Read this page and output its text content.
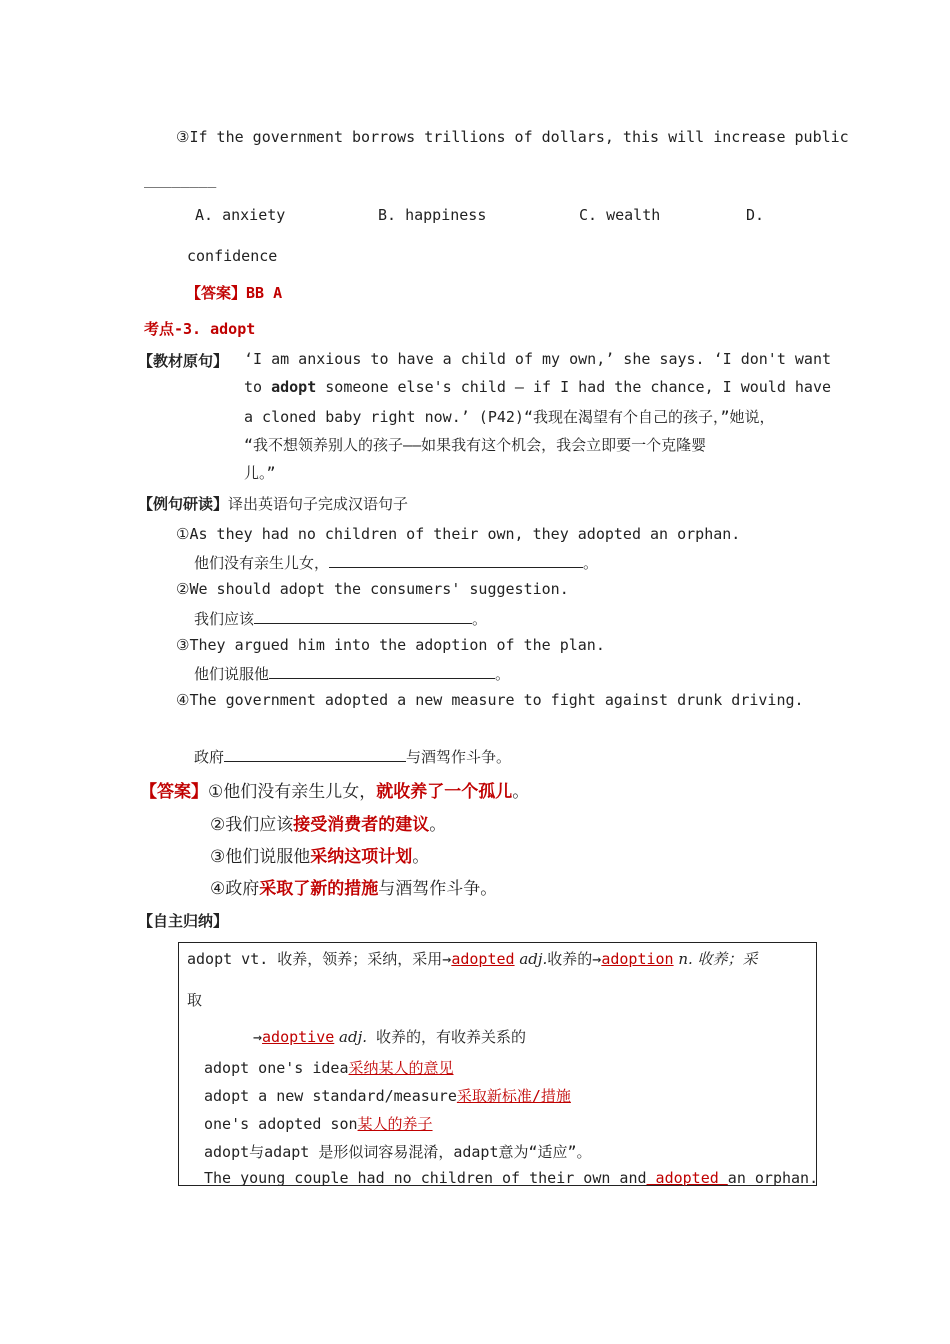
③If the government borrows trillions of dollars, this will increase public
________
A. anxiety	B. happiness	C. wealth	D.
confidence
【答案】BB A
考点-3. adopt
【教材原句】 ‘I am anxious to have a child of my own,’ she says. ‘I don't want
to adopt someone else's child — if I had the chance, I would have
a cloned baby right now.’ (P42)“我现在渴望有个自己的孩子，”她说，
“我不想领养别人的孩子——如果我有这个机会，我会立即要一个克隆婴
儿。”
【例句研读】译出英语句子完成汉语句子
①As they had no children of their own, they adopted an orphan.
他们没有亲生儿女，	。
②We should adopt the consumers' suggestion.
我们应该	。
③They argued him into the adoption of the plan.
他们说服他	。
④The government adopted a new measure to fight against drunk driving.
政府	与酒驾作斗争。
【答案】①他们没有亲生儿女，就收养了一个孤儿。
②我们应该接受消费者的建议。
③他们说服他采纳这项计划。
④政府采取了新的措施与酒驾作斗争。
【自主归纳】
adopt vt. 收养，领养；采纳，采用→adopted adj.收养的→adoption n. 收养；采
取
→adoptive adj. 收养的，有收养关系的
adopt one's idea采纳某人的意见
adopt a new standard/measure采取新标准/措施
one's adopted son某人的养子
adopt与adapt 是形似词容易混淆，adapt意为“适应”。
The young couple had no children of their own and adopted an orphan.
